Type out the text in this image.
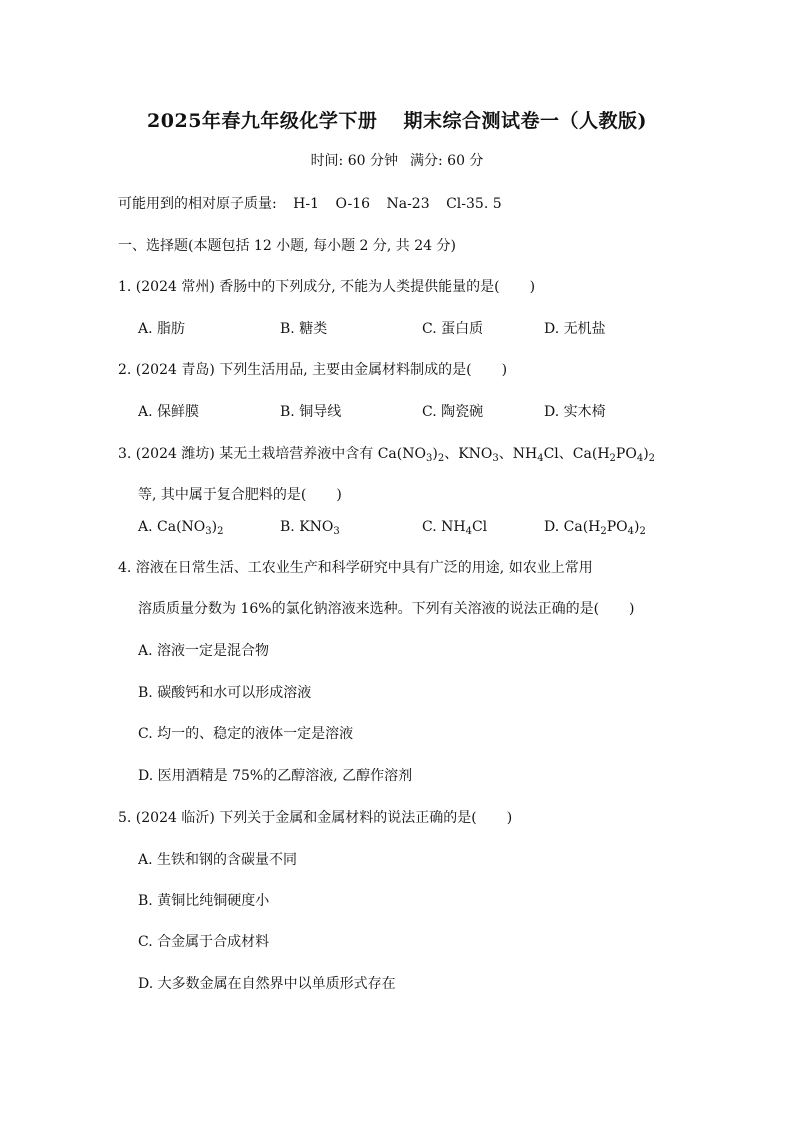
2025年春九年级化学下册 期末综合测试卷一（人教版)
时间: 60 分钟 满分: 60 分
可能用到的相对原子质量: H-1 O-16 Na-23 Cl-35. 5
一、选择题(本题包括 12 小题, 每小题 2 分, 共 24 分)
1. (2024 常州) 香肠中的下列成分, 不能为人类提供能量的是( )
A. 脂肪	B. 糖类	C. 蛋白质	D. 无机盐
2. (2024 青岛) 下列生活用品, 主要由金属材料制成的是( )
A. 保鲜膜	B. 铜导线	C. 陶瓷碗	D. 实木椅
3. (2024 潍坊) 某无土栽培营养液中含有 $Ca(NO_3)_2$、$KNO_3$、$NH_4Cl$、$Ca(H_2PO_4)_2$
等, 其中属于复合肥料的是( )
A. $Ca(NO_3)_2$	B. $KNO_3$	C. $NH_4Cl$	D. $Ca(H_2PO_4)_2$
4. 溶液在日常生活、工农业生产和科学研究中具有广泛的用途, 如农业上常用
溶质质量分数为 16%的氯化钠溶液来选种。下列有关溶液的说法正确的是( )
A. 溶液一定是混合物
B. 碳酸钙和水可以形成溶液
C. 均一的、稳定的液体一定是溶液
D. 医用酒精是 75%的乙醇溶液, 乙醇作溶剂
5. (2024 临沂) 下列关于金属和金属材料的说法正确的是( )
A. 生铁和钢的含碳量不同
B. 黄铜比纯铜硬度小
C. 合金属于合成材料
D. 大多数金属在自然界中以单质形式存在
